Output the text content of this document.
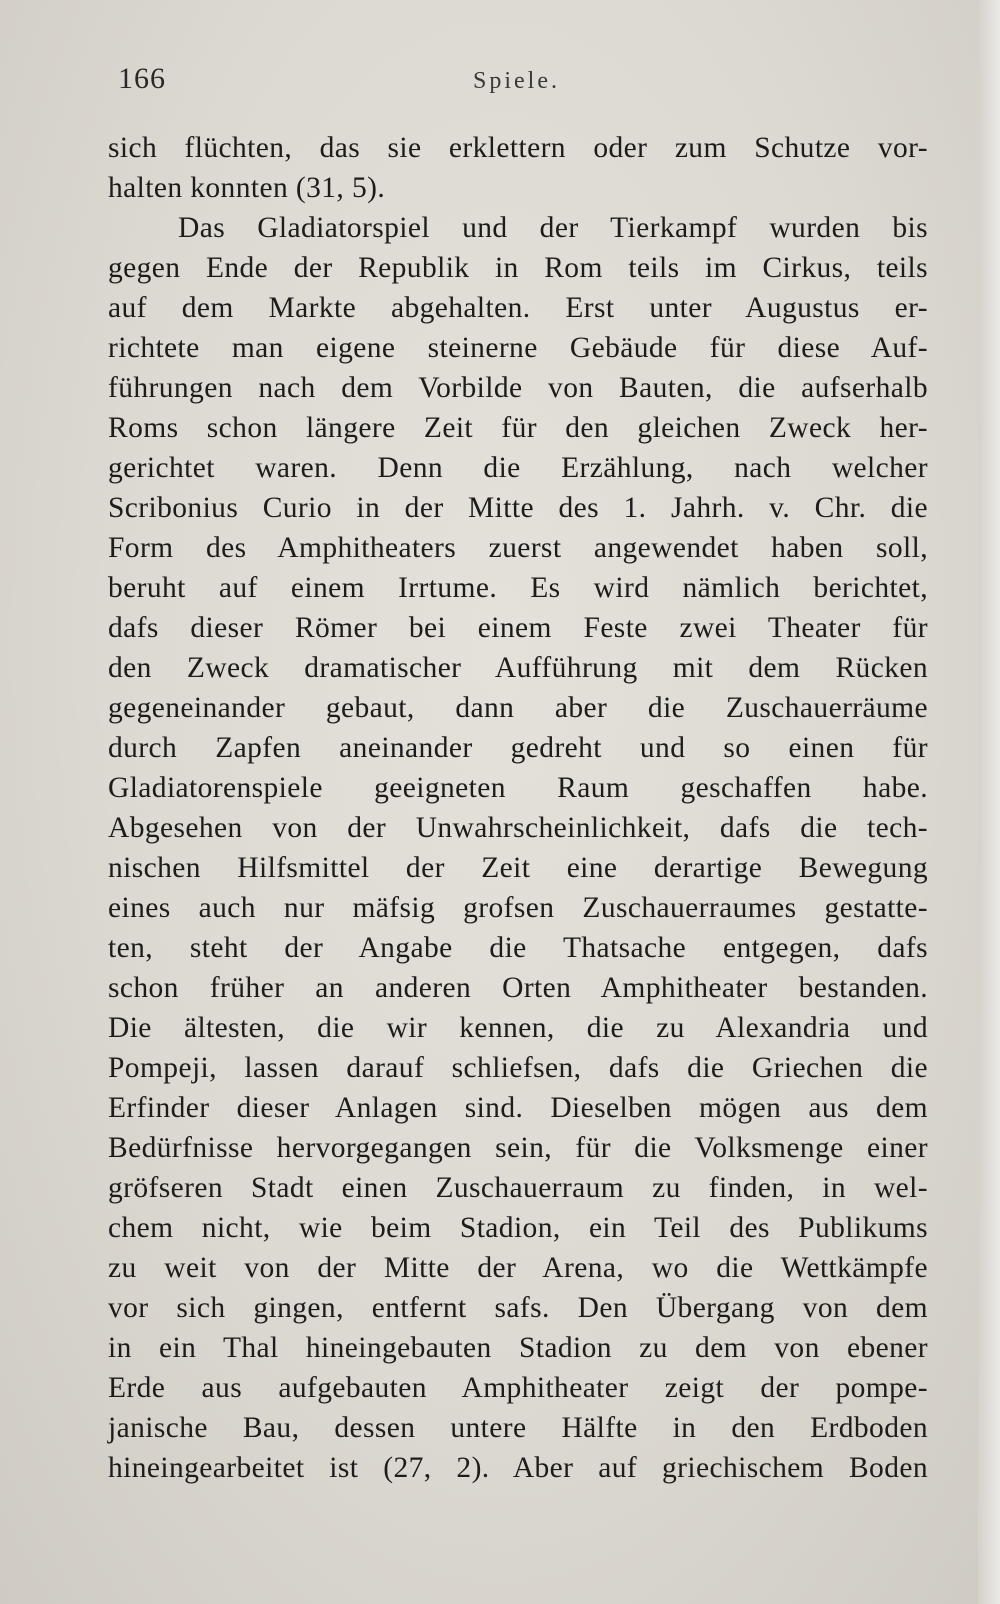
166	Spiele.
sich flüchten, das sie erklettern oder zum Schutze vor-
halten konnten (31, 5).
Das Gladiatorspiel und der Tierkampf wurden bis
gegen Ende der Republik in Rom teils im Cirkus, teils
auf dem Markte abgehalten. Erst unter Augustus er-
richtete man eigene steinerne Gebäude für diese Auf-
führungen nach dem Vorbilde von Bauten, die aufserhalb
Roms schon längere Zeit für den gleichen Zweck her-
gerichtet waren. Denn die Erzählung, nach welcher
Scribonius Curio in der Mitte des 1. Jahrh. v. Chr. die
Form des Amphitheaters zuerst angewendet haben soll,
beruht auf einem Irrtume. Es wird nämlich berichtet,
dafs dieser Römer bei einem Feste zwei Theater für
den Zweck dramatischer Aufführung mit dem Rücken
gegeneinander gebaut, dann aber die Zuschauerräume
durch Zapfen aneinander gedreht und so einen für
Gladiatorenspiele geeigneten Raum geschaffen habe.
Abgesehen von der Unwahrscheinlichkeit, dafs die tech-
nischen Hilfsmittel der Zeit eine derartige Bewegung
eines auch nur mäfsig grofsen Zuschauerraumes gestatte-
ten, steht der Angabe die Thatsache entgegen, dafs
schon früher an anderen Orten Amphitheater bestanden.
Die ältesten, die wir kennen, die zu Alexandria und
Pompeji, lassen darauf schliefsen, dafs die Griechen die
Erfinder dieser Anlagen sind. Dieselben mögen aus dem
Bedürfnisse hervorgegangen sein, für die Volksmenge einer
gröfseren Stadt einen Zuschauerraum zu finden, in wel-
chem nicht, wie beim Stadion, ein Teil des Publikums
zu weit von der Mitte der Arena, wo die Wettkämpfe
vor sich gingen, entfernt safs. Den Übergang von dem
in ein Thal hineingebauten Stadion zu dem von ebener
Erde aus aufgebauten Amphitheater zeigt der pompe-
janische Bau, dessen untere Hälfte in den Erdboden
hineingearbeitet ist (27, 2). Aber auf griechischem Boden
